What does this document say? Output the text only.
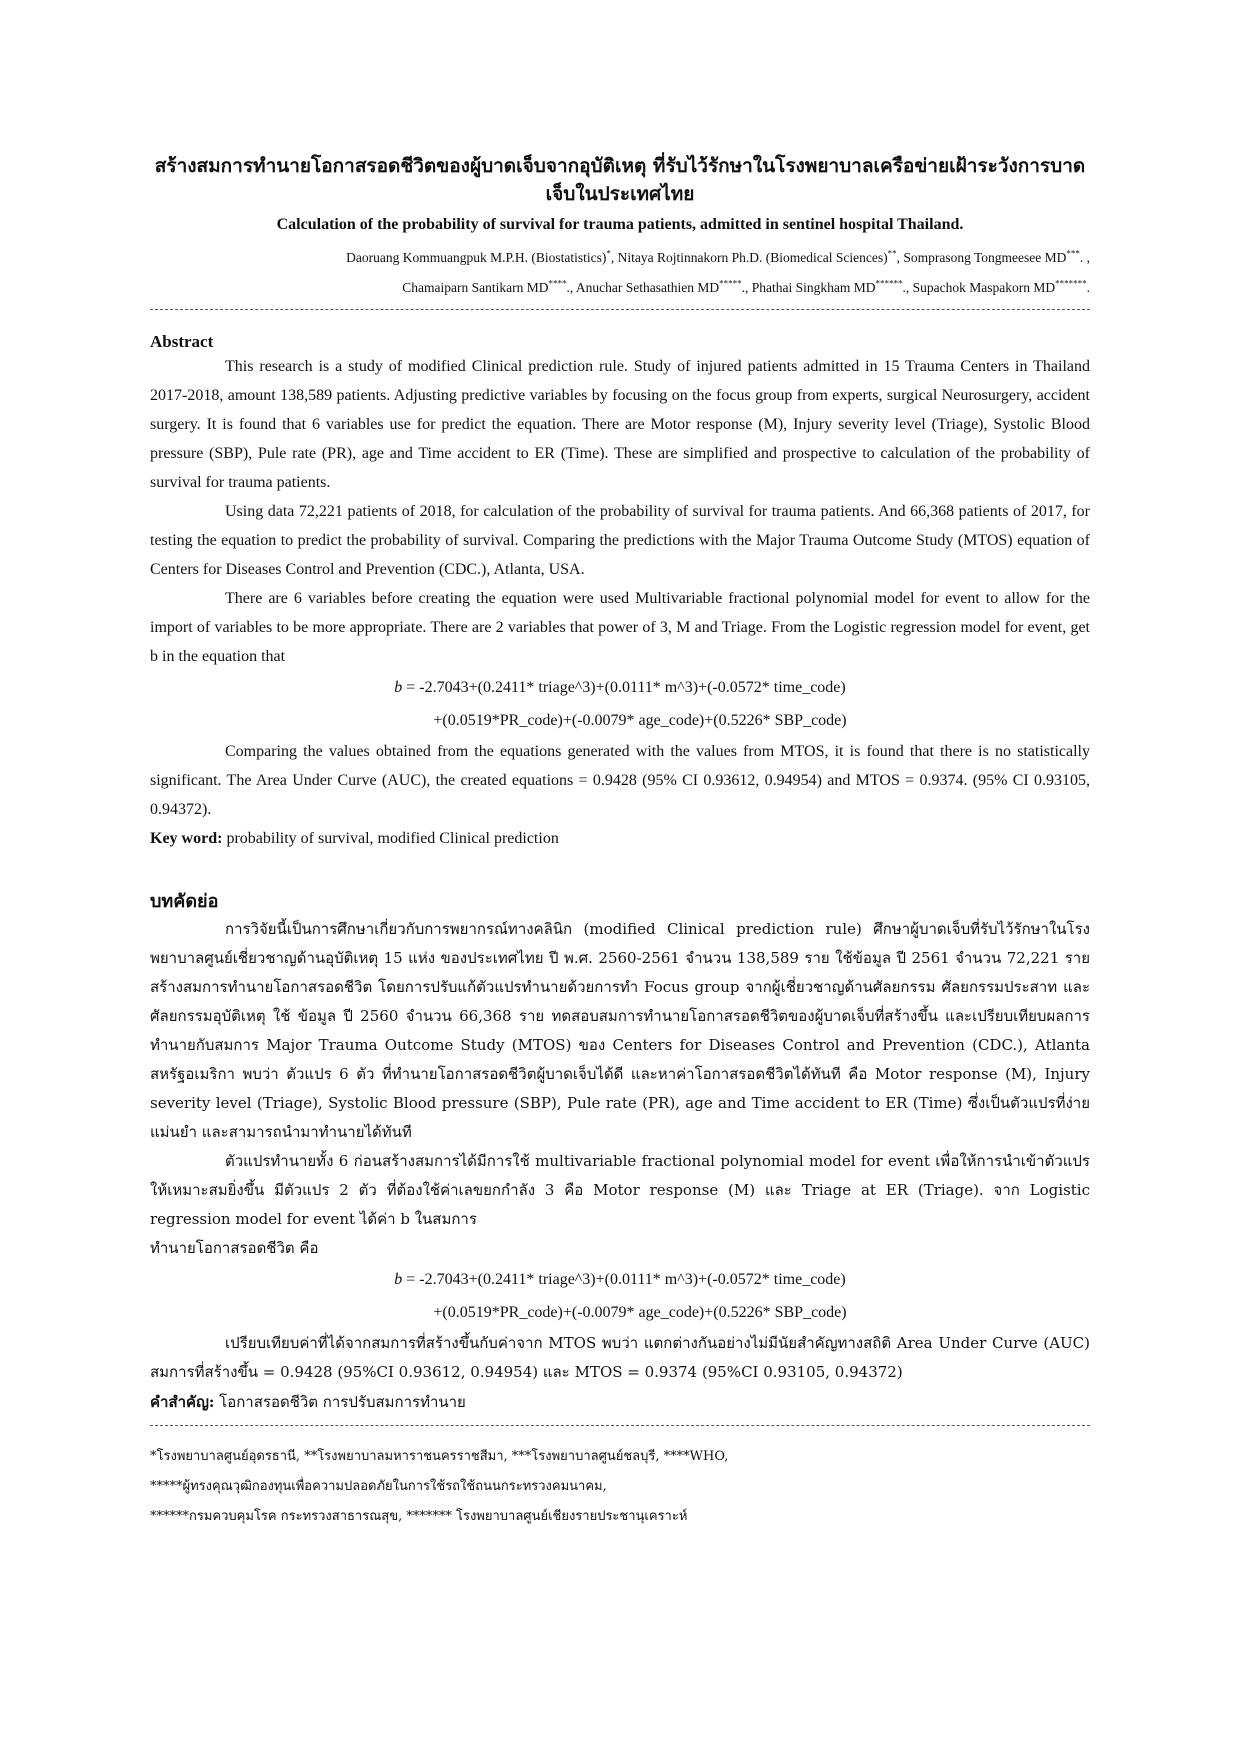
สร้างสมการทำนายโอกาสรอดชีวิตของผู้บาดเจ็บจากอุบัติเหตุ ที่รับไว้รักษาในโรงพยาบาลเครือข่ายเฝ้าระวังการบาดเจ็บในประเทศไทย
Calculation of the probability of survival for trauma patients, admitted in sentinel hospital Thailand.
Daoruang Kommuangpuk M.P.H. (Biostatistics)*, Nitaya Rojtinnakorn Ph.D. (Biomedical Sciences)**, Somprasong Tongmeesee MD***. ,
Chamaiparn Santikarn MD****., Anuchar Sethasathien MD*****., Phathai Singkham MD******., Supachok Maspakorn MD*******.
Abstract

This research is a study of modified Clinical prediction rule. Study of injured patients admitted in 15 Trauma Centers in Thailand 2017-2018, amount 138,589 patients. Adjusting predictive variables by focusing on the focus group from experts, surgical Neurosurgery, accident surgery. It is found that 6 variables use for predict the equation. There are Motor response (M), Injury severity level (Triage), Systolic Blood pressure (SBP), Pule rate (PR), age and Time accident to ER (Time). These are simplified and prospective to calculation of the probability of survival for trauma patients.

Using data 72,221 patients of 2018, for calculation of the probability of survival for trauma patients. And 66,368 patients of 2017, for testing the equation to predict the probability of survival. Comparing the predictions with the Major Trauma Outcome Study (MTOS) equation of Centers for Diseases Control and Prevention (CDC.), Atlanta, USA.

There are 6 variables before creating the equation were used Multivariable fractional polynomial model for event to allow for the import of variables to be more appropriate. There are 2 variables that power of 3, M and Triage. From the Logistic regression model for event, get b in the equation that

b = -2.7043+(0.2411* triage^3)+(0.0111* m^3)+(-0.0572* time_code)
+(0.0519*PR_code)+(-0.0079* age_code)+(0.5226* SBP_code)

Comparing the values obtained from the equations generated with the values from MTOS, it is found that there is no statistically significant. The Area Under Curve (AUC), the created equations = 0.9428 (95% CI 0.93612, 0.94954) and MTOS = 0.9374. (95% CI 0.93105, 0.94372).

Key word: probability of survival, modified Clinical prediction
บทคัดย่อ

การวิจัยนี้เป็นการศึกษาเกี่ยวกับการพยากรณ์ทางคลินิก (modified Clinical prediction rule) ศึกษาผู้บาดเจ็บที่รับไว้รักษาในโรงพยาบาลศูนย์เชี่ยวชาญด้านอุบัติเหตุ 15 แห่ง ของประเทศไทย ปี พ.ศ. 2560-2561 จำนวน 138,589 ราย ใช้ข้อมูล ปี 2561 จำนวน 72,221 ราย สร้างสมการทำนายโอกาสรอดชีวิต โดยการปรับแก้ตัวแปรทำนายด้วยการทำ Focus group จากผู้เชี่ยวชาญด้านศัลยกรรม ศัลยกรรมประสาท และศัลยกรรมอุบัติเหตุ ใช้ ข้อมูล ปี 2560 จำนวน 66,368 ราย ทดสอบสมการทำนายโอกาสรอดชีวิตของผู้บาดเจ็บที่สร้างขึ้น และเปรียบเทียบผลการทำนายกับสมการ Major Trauma Outcome Study (MTOS) ของ Centers for Diseases Control and Prevention (CDC.), Atlanta สหรัฐอเมริกา พบว่า ตัวแปร 6 ตัว ที่ทำนายโอกาสรอดชีวิตผู้บาดเจ็บได้ดี และหาค่าโอกาสรอดชีวิตได้ทันที คือ Motor response (M), Injury severity level (Triage), Systolic Blood pressure (SBP), Pule rate (PR), age and Time accident to ER (Time) ซึ่งเป็นตัวแปรที่ง่าย แม่นยำ และสามารถนำมาทำนายได้ทันที

ตัวแปรทำนายทั้ง 6 ก่อนสร้างสมการได้มีการใช้ multivariable fractional polynomial model for event เพื่อให้การนำเข้าตัวแปรให้เหมาะสมยิ่งขึ้น มีตัวแปร 2 ตัว ที่ต้องใช้ค่าเลขยกกำลัง 3 คือ Motor response (M) และ Triage at ER (Triage). จาก Logistic regression model for event ได้ค่า b ในสมการ

ทำนายโอกาสรอดชีวิต คือ

b = -2.7043+(0.2411* triage^3)+(0.0111* m^3)+(-0.0572* time_code)
+(0.0519*PR_code)+(-0.0079* age_code)+(0.5226* SBP_code)

เปรียบเทียบค่าที่ได้จากสมการที่สร้างขึ้นกับค่าจาก MTOS พบว่า แตกต่างกันอย่างไม่มีนัยสำคัญทางสถิติ Area Under Curve (AUC) สมการที่สร้างขึ้น = 0.9428 (95%CI 0.93612, 0.94954) และ MTOS = 0.9374 (95%CI 0.93105, 0.94372)

คำสำคัญ: โอกาสรอดชีวิต การปรับสมการทำนาย
*โรงพยาบาลศูนย์อุดรธานี, **โรงพยาบาลมหาราชนครราชสีมา, ***โรงพยาบาลศูนย์ชลบุรี, ****WHO,
*****ผู้ทรงคุณวุฒิกองทุนเพื่อความปลอดภัยในการใช้รถใช้ถนนกระทรวงคมนาคม,
******กรมควบคุมโรค กระทรวงสาธารณสุข, ******* โรงพยาบาลศูนย์เชียงรายประชานุเคราะห์
